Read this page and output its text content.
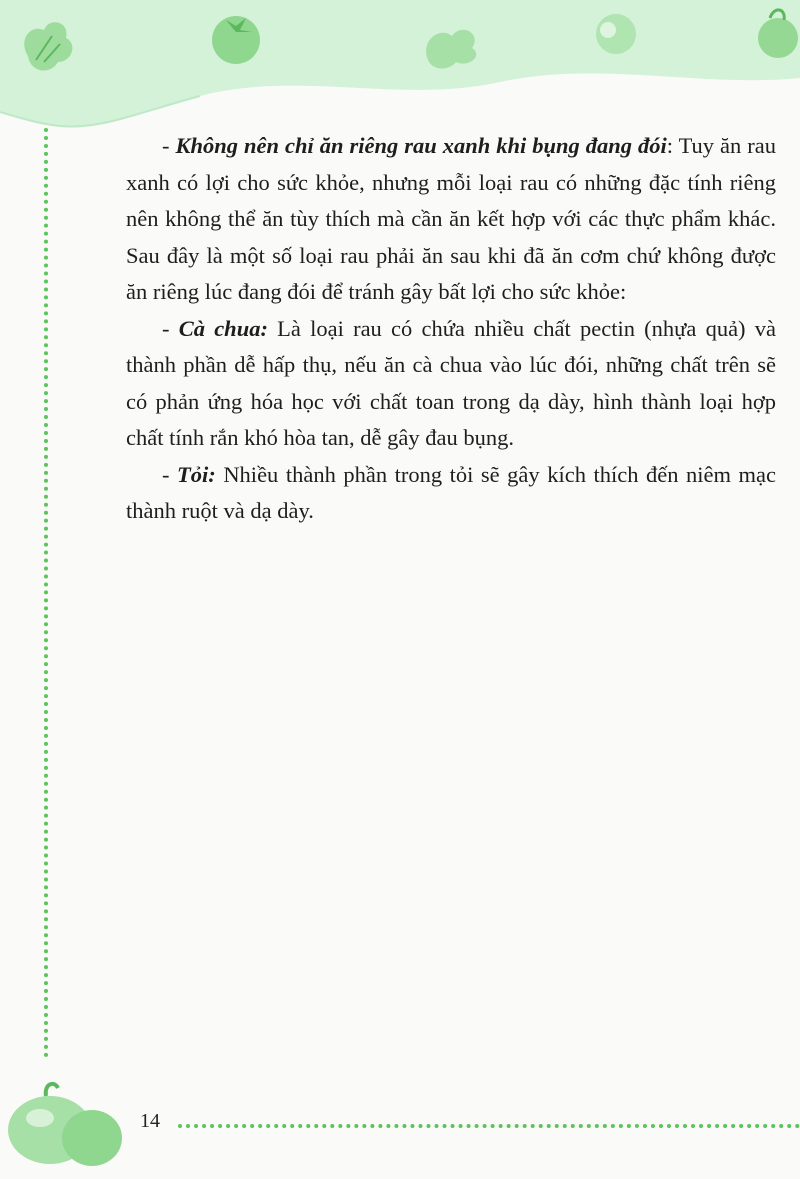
- Không nên chỉ ăn riêng rau xanh khi bụng đang đói: Tuy ăn rau xanh có lợi cho sức khỏe, nhưng mỗi loại rau có những đặc tính riêng nên không thể ăn tùy thích mà cần ăn kết hợp với các thực phẩm khác. Sau đây là một số loại rau phải ăn sau khi đã ăn cơm chứ không được ăn riêng lúc đang đói để tránh gây bất lợi cho sức khỏe:

- Cà chua: Là loại rau có chứa nhiều chất pectin (nhựa quả) và thành phần dễ hấp thụ, nếu ăn cà chua vào lúc đói, những chất trên sẽ có phản ứng hóa học với chất toan trong dạ dày, hình thành loại hợp chất tính rắn khó hòa tan, dễ gây đau bụng.

- Tỏi: Nhiều thành phần trong tỏi sẽ gây kích thích đến niêm mạc thành ruột và dạ dày.

14
